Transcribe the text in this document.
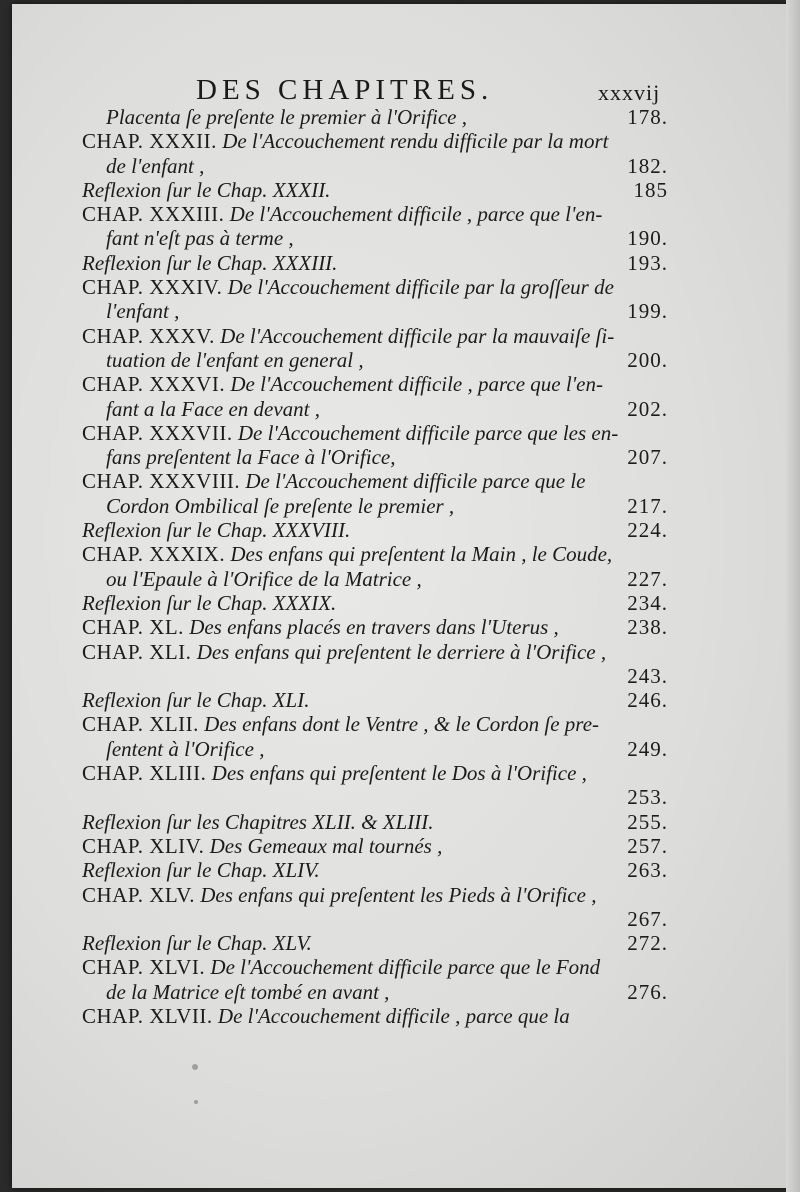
DES CHAPITRES.	xxxvij
Placenta ſe preſente le premier à l'Orifice ,	178.
CHAP. XXXII. De l'Accouchement rendu difficile par la mort
de l'enfant ,	182.
Reflexion ſur le Chap. XXXII.	185
CHAP. XXXIII. De l'Accouchement difficile , parce que l'en-
fant n'eſt pas à terme ,	190.
Reflexion ſur le Chap. XXXIII.	193.
CHAP. XXXIV. De l'Accouchement difficile par la groſſeur de
l'enfant ,	199.
CHAP. XXXV. De l'Accouchement difficile par la mauvaiſe ſi-
tuation de l'enfant en general ,	200.
CHAP. XXXVI. De l'Accouchement difficile , parce que l'en-
fant a la Face en devant ,	202.
CHAP. XXXVII. De l'Accouchement difficile parce que les en-
fans preſentent la Face à l'Orifice,	207.
CHAP. XXXVIII. De l'Accouchement difficile parce que le
Cordon Ombilical ſe preſente le premier ,	217.
Reflexion ſur le Chap. XXXVIII.	224.
CHAP. XXXIX. Des enfans qui preſentent la Main , le Coude,
ou l'Epaule à l'Orifice de la Matrice ,	227.
Reflexion ſur le Chap. XXXIX.	234.
CHAP. XL. Des enfans placés en travers dans l'Uterus ,	238.
CHAP. XLI. Des enfans qui preſentent le derriere à l'Orifice ,
243.
Reflexion ſur le Chap. XLI.	246.
CHAP. XLII. Des enfans dont le Ventre , & le Cordon ſe pre-
ſentent à l'Orifice ,	249.
CHAP. XLIII. Des enfans qui preſentent le Dos à l'Orifice ,
253.
Reflexion ſur les Chapitres XLII. & XLIII.	255.
CHAP. XLIV. Des Gemeaux mal tournés ,	257.
Reflexion ſur le Chap. XLIV.	263.
CHAP. XLV. Des enfans qui preſentent les Pieds à l'Orifice ,
267.
Reflexion ſur le Chap. XLV.	272.
CHAP. XLVI. De l'Accouchement difficile parce que le Fond
de la Matrice eſt tombé en avant ,	276.
CHAP. XLVII. De l'Accouchement difficile , parce que la
